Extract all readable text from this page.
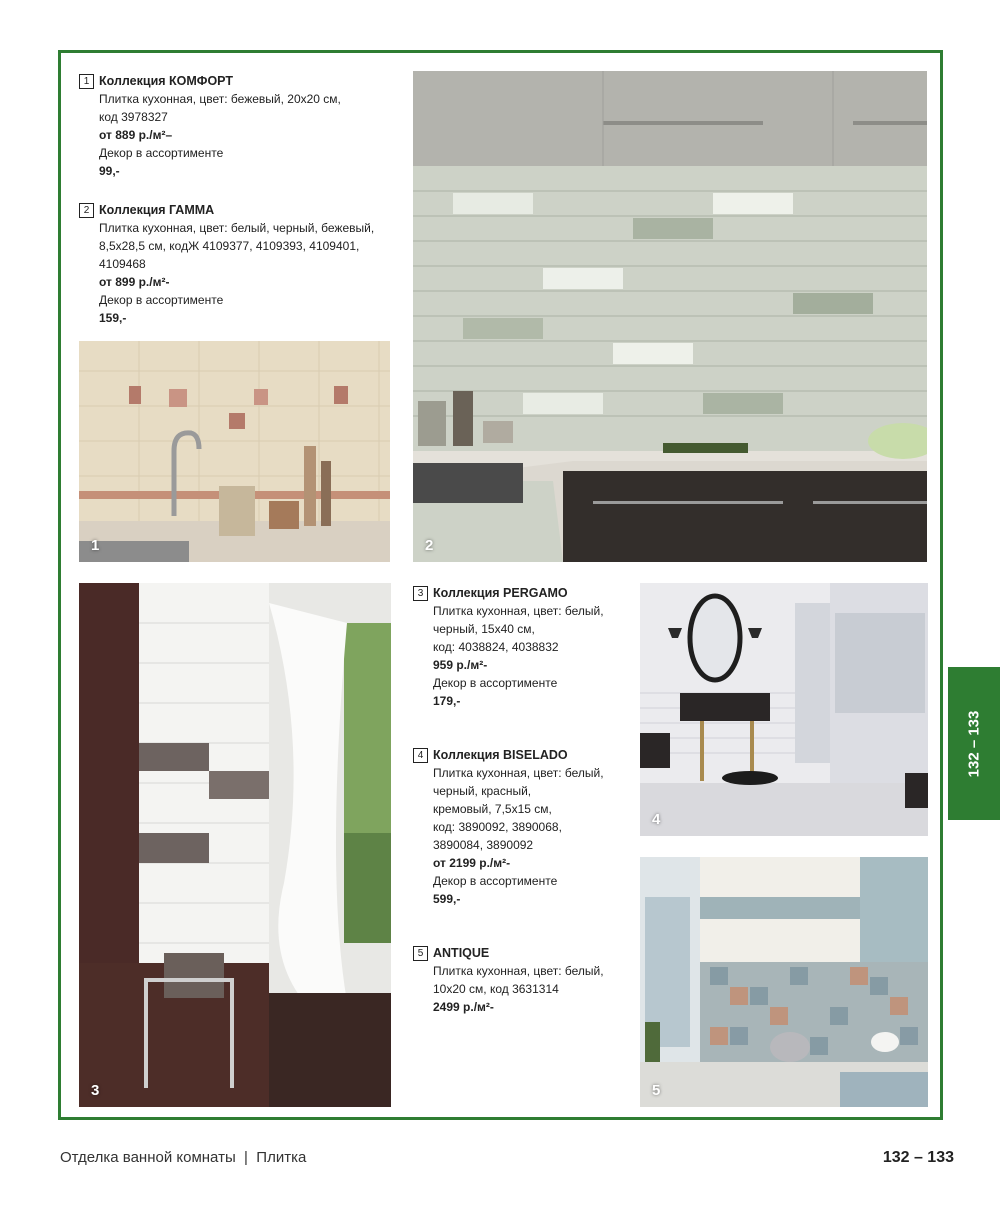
132 – 133
1 Коллекция КОМФОРТ
Плитка кухонная, цвет: бежевый, 20х20 см,
код 3978327
от 889 р./м²–
Декор в ассортименте
99,-
2 Коллекция ГАММА
Плитка кухонная, цвет: белый, черный, бежевый,
8,5х28,5 см, кодЖ 4109377, 4109393, 4109401,
4109468
от 899 р./м²-
Декор в ассортименте
159,-
3 Коллекция PERGAMO
Плитка кухонная, цвет: белый,
черный, 15х40 см,
код: 4038824, 4038832
959 р./м²-
Декор в ассортименте
179,-
4 Коллекция BISELADO
Плитка кухонная, цвет: белый,
черный, красный,
кремовый, 7,5х15 см,
код: 3890092, 3890068,
3890084, 3890092
от 2199 р./м²-
Декор в ассортименте
599,-
5 ANTIQUE
Плитка кухонная, цвет: белый,
10х20 см, код 3631314
2499 р./м²-
1	2
3
4
5
Отделка ванной комнаты  |  Плитка	132 – 133
